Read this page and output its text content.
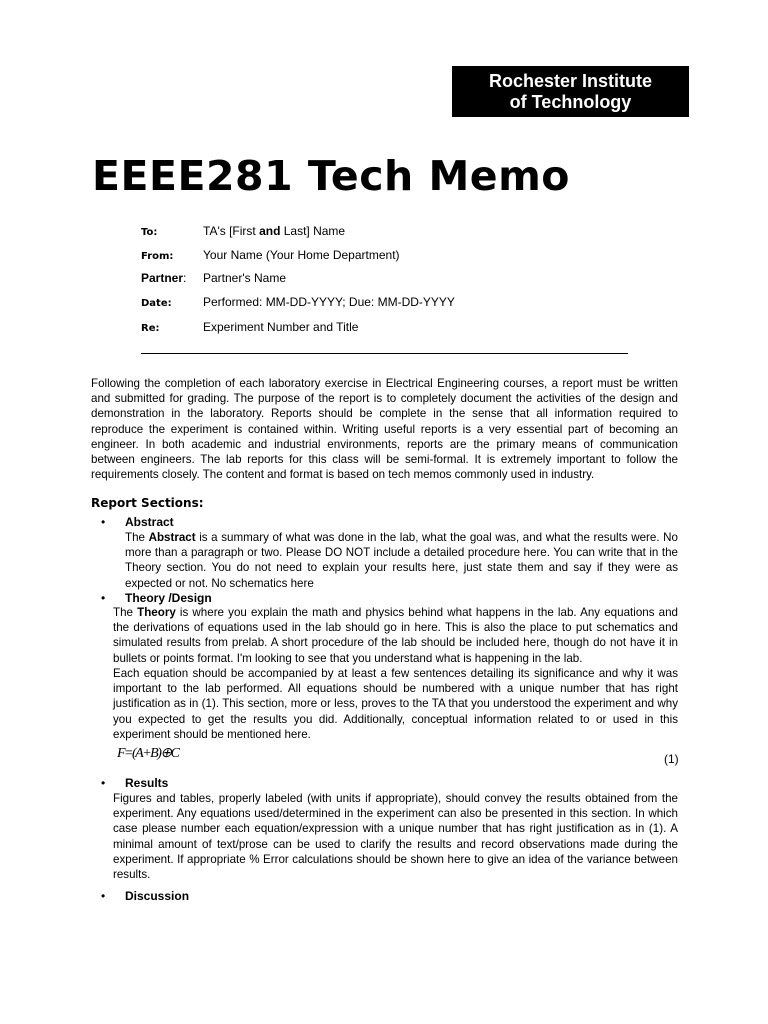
Rochester Institute
of Technology
EEEE281 Tech Memo
To:	TA's [First and Last] Name
From: Your Name (Your Home Department)
Partner: Partner's Name
Date:	Performed: MM-DD-YYYY; Due: MM-DD-YYYY
Re:	Experiment Number and Title

Following the completion of each laboratory exercise in Electrical Engineering courses, a report must be written and submitted for grading. The purpose of the report is to completely document the activities of the design and demonstration in the laboratory. Reports should be complete in the sense that all information required to reproduce the experiment is contained within. Writing useful reports is a very essential part of becoming an engineer. In both academic and industrial environments, reports are the primary means of communication between engineers. The lab reports for this class will be semi-formal. It is extremely important to follow the requirements closely. The content and format is based on tech memos commonly used in industry.

Report Sections:
• Abstract

The Abstract is a summary of what was done in the lab, what the goal was, and what the results were. No more than a paragraph or two. Please DO NOT include a detailed procedure here. You can write that in the Theory section. You do not need to explain your results here, just state them and say if they were as expected or not. No schematics here

• Theory /Design

The Theory is where you explain the math and physics behind what happens in the lab. Any equations and the derivations of equations used in the lab should go in here. This is also the place to put schematics and simulated results from prelab. A short procedure of the lab should be included here, though do not have it in bullets or points format. I'm looking to see that you understand what is happening in the lab.

Each equation should be accompanied by at least a few sentences detailing its significance and why it was important to the lab performed. All equations should be numbered with a unique number that has right justification as in (1). This section, more or less, proves to the TA that you understood the experiment and why you expected to get the results you did. Additionally, conceptual information related to or used in this experiment should be mentioned here.

F=(A+B)⊕C	(1)
• Results

Figures and tables, properly labeled (with units if appropriate), should convey the results obtained from the experiment. Any equations used/determined in the experiment can also be presented in this section. In which case please number each equation/expression with a unique number that has right justification as in (1). A minimal amount of text/prose can be used to clarify the results and record observations made during the experiment. If appropriate % Error calculations should be shown here to give an idea of the variance between results.

• Discussion
